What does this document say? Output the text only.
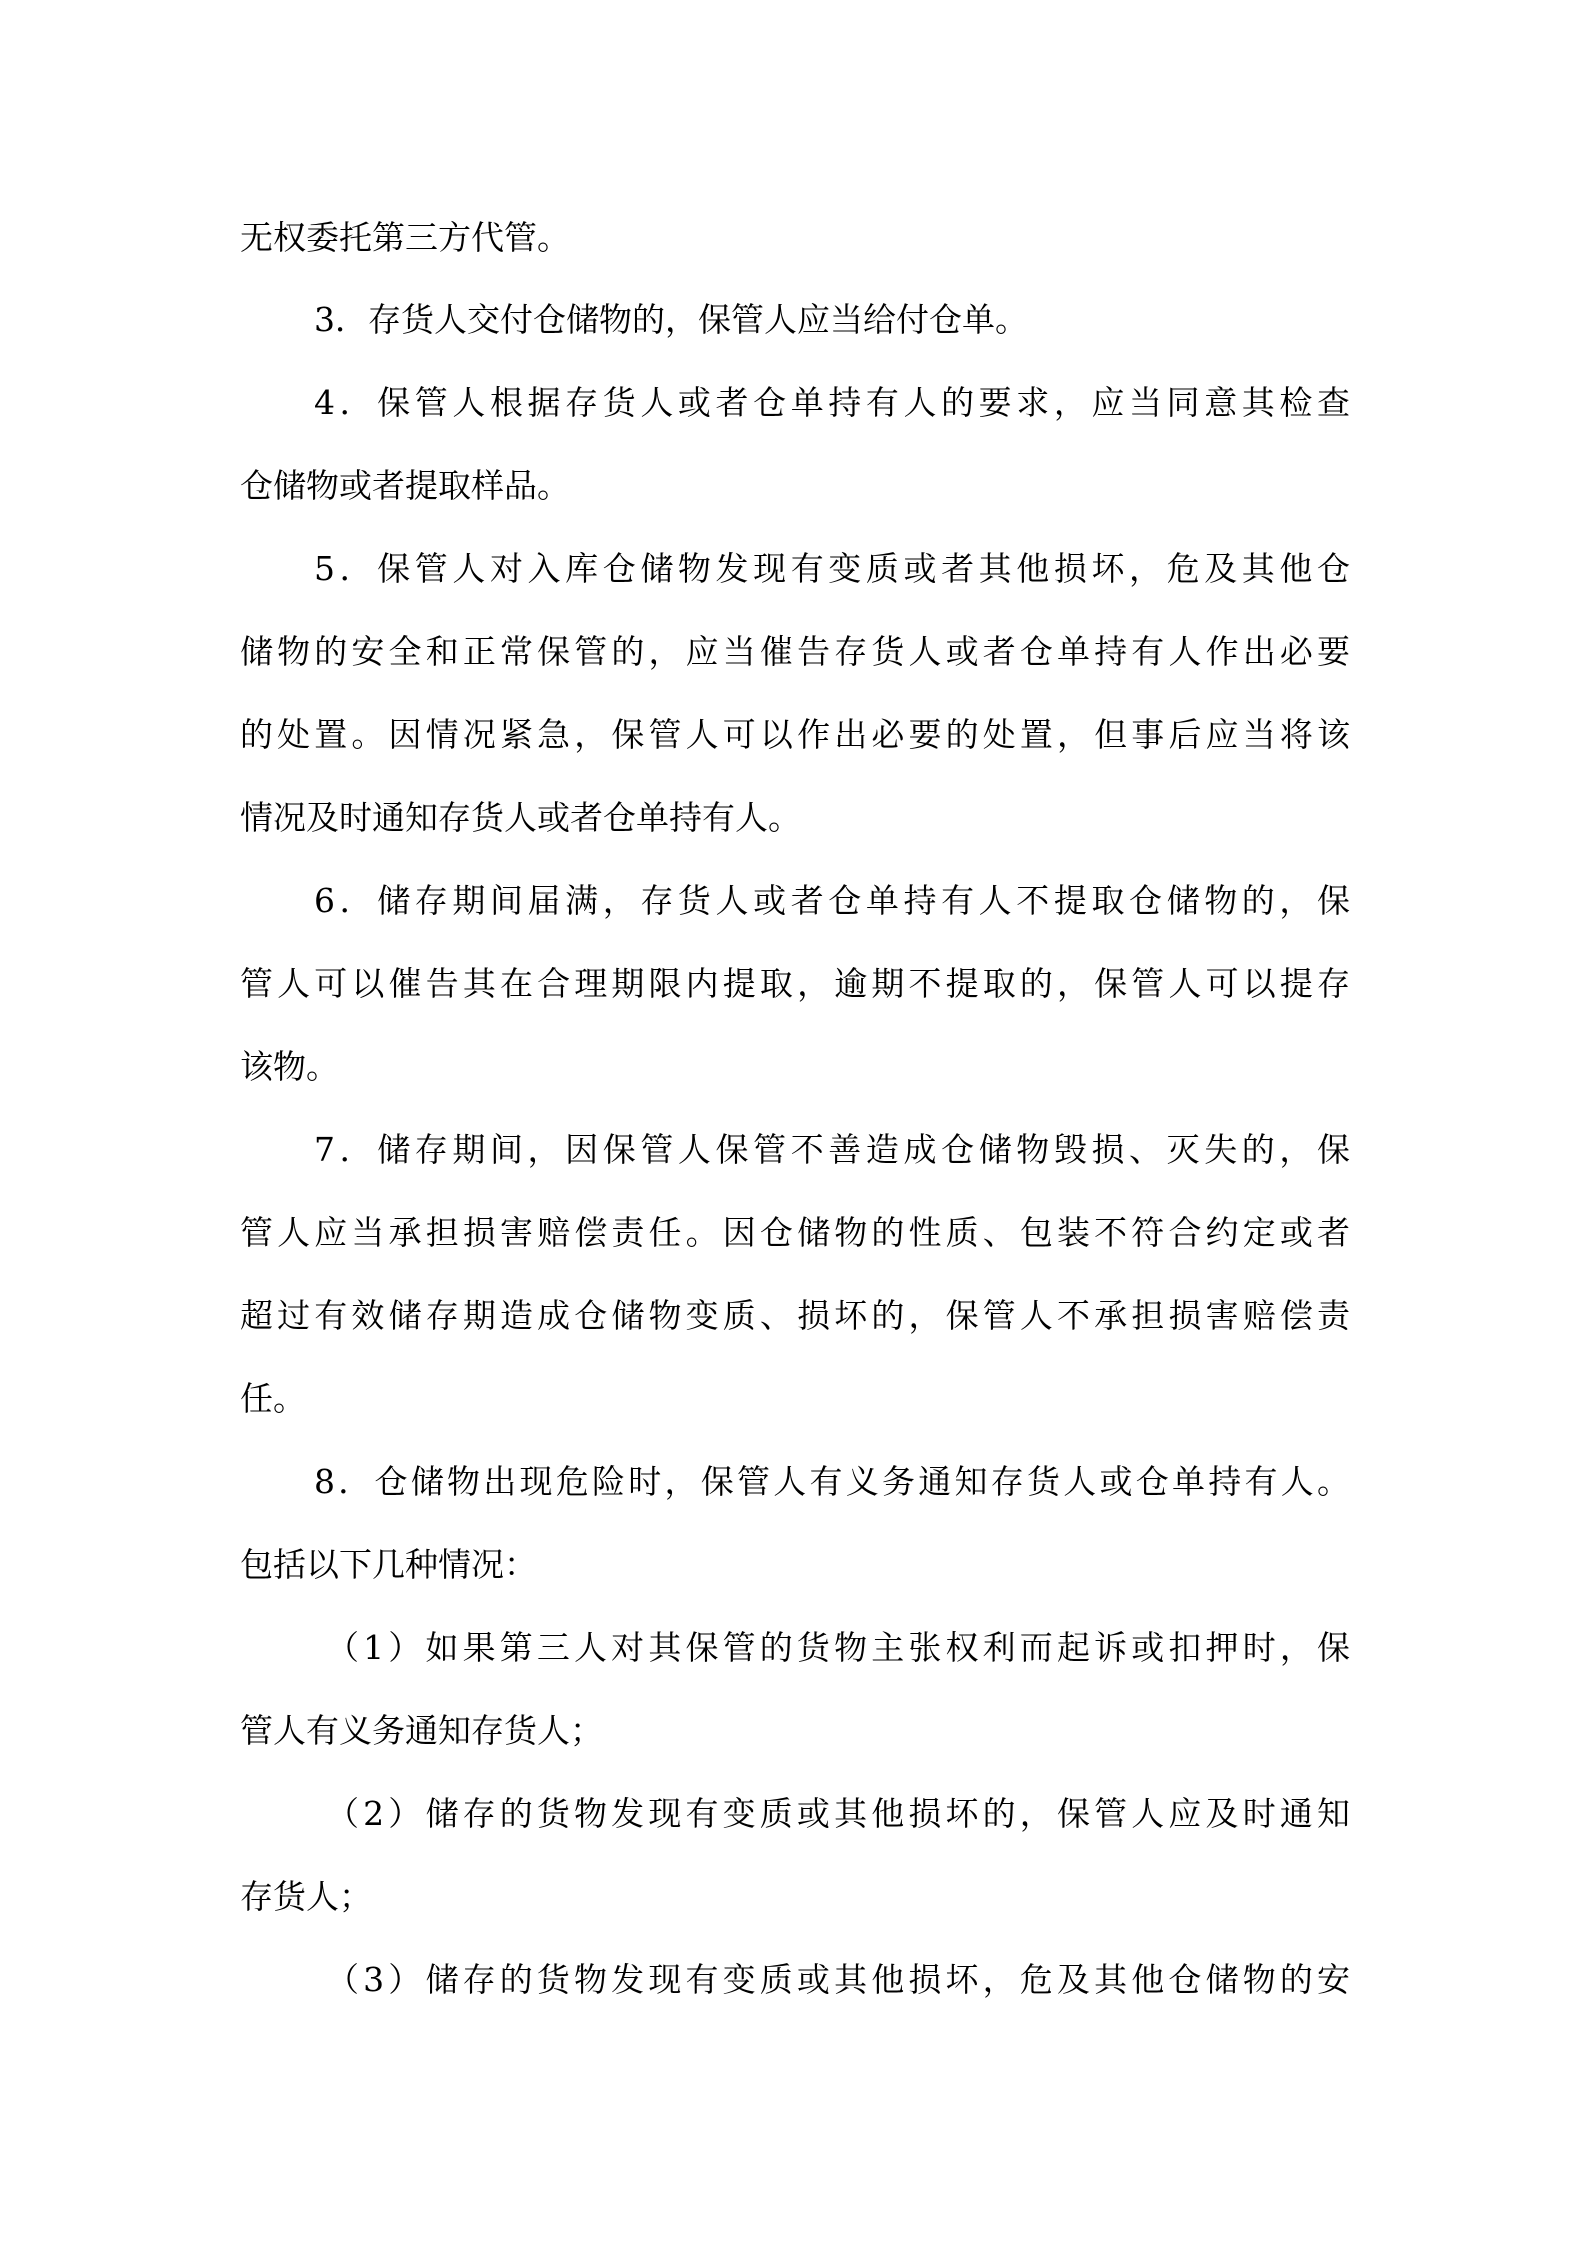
无权委托第三方代管。

3．存货人交付仓储物的，保管人应当给付仓单。

4．保管人根据存货人或者仓单持有人的要求，应当同意其检查

仓储物或者提取样品。

5．保管人对入库仓储物发现有变质或者其他损坏，危及其他仓

储物的安全和正常保管的，应当催告存货人或者仓单持有人作出必要

的处置。因情况紧急，保管人可以作出必要的处置，但事后应当将该

情况及时通知存货人或者仓单持有人。

6．储存期间届满，存货人或者仓单持有人不提取仓储物的，保

管人可以催告其在合理期限内提取，逾期不提取的，保管人可以提存

该物。

7．储存期间，因保管人保管不善造成仓储物毁损、灭失的，保

管人应当承担损害赔偿责任。因仓储物的性质、包装不符合约定或者

超过有效储存期造成仓储物变质、损坏的，保管人不承担损害赔偿责

任。

8．仓储物出现危险时，保管人有义务通知存货人或仓单持有人。

包括以下几种情况：

（1）如果第三人对其保管的货物主张权利而起诉或扣押时，保

管人有义务通知存货人；

（2）储存的货物发现有变质或其他损坏的，保管人应及时通知

存货人；

（3）储存的货物发现有变质或其他损坏，危及其他仓储物的安
